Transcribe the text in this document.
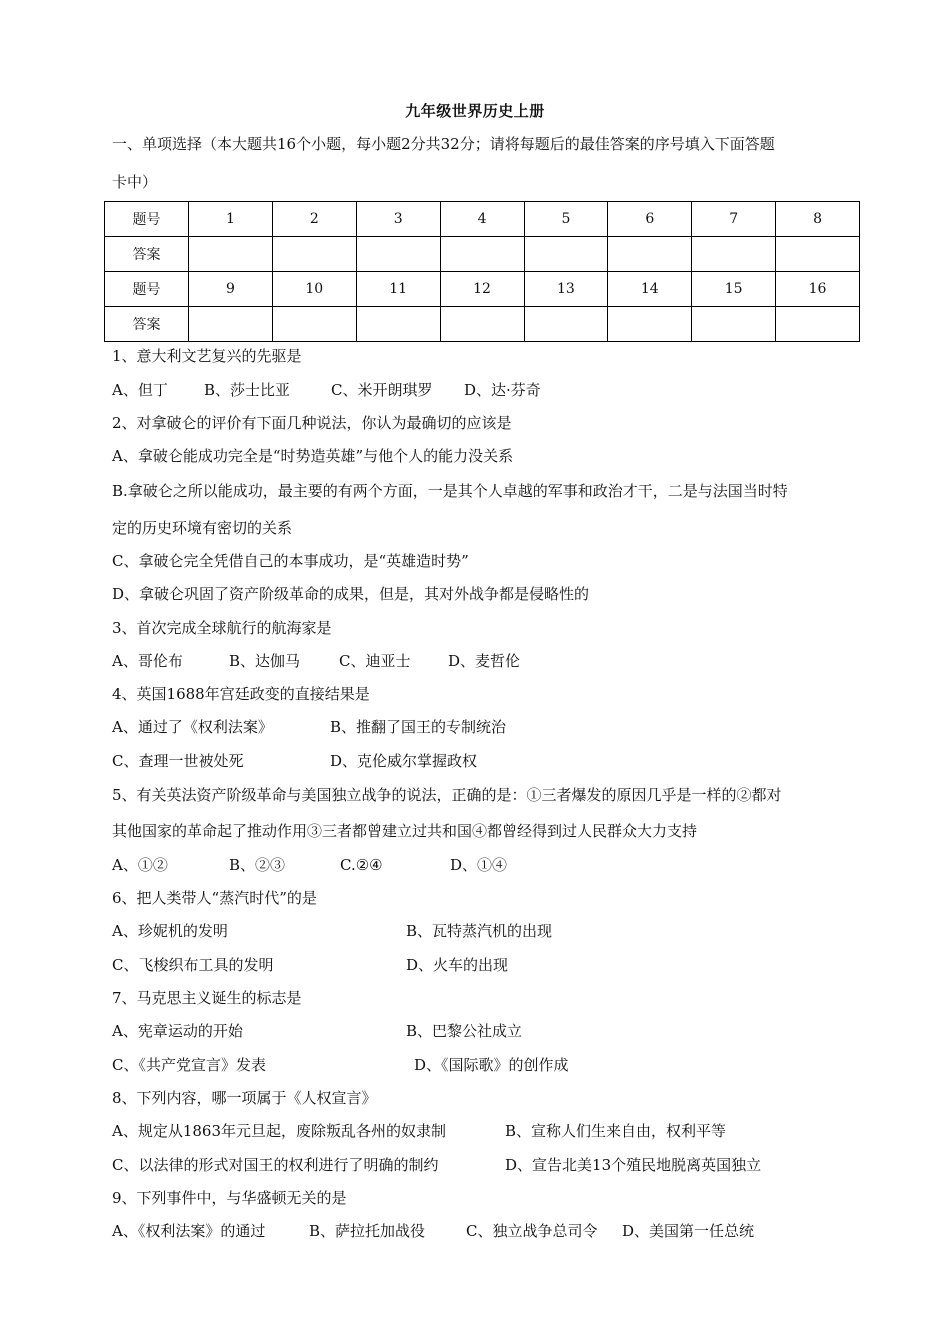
九年级世界历史上册
一、单项选择（本大题共16个小题，每小题2分共32分；请将每题后的最佳答案的序号填入下面答题
卡中）
题号	1	2	3	4	5	6	7	8
答案								
题号	9	10	11	12	13	14	15	16
答案								
1、意大利文艺复兴的先驱是
A、但丁 B、莎士比亚	C、米开朗琪罗 D、达·芬奇
2、对拿破仑的评价有下面几种说法，你认为最确切的应该是
A、拿破仑能成功完全是“时势造英雄”与他个人的能力没关系
B.拿破仑之所以能成功，最主要的有两个方面，一是其个人卓越的军事和政治才干，二是与法国当时特
定的历史环境有密切的关系
C、拿破仑完全凭借自己的本事成功，是“英雄造时势”
D、拿破仑巩固了资产阶级革命的成果，但是，其对外战争都是侵略性的
3、首次完成全球航行的航海家是
A、哥伦布	B、达伽马	C、迪亚士	D、麦哲伦
4、英国1688年宫廷政变的直接结果是
A、通过了《权利法案》	B、推翻了国王的专制统治
C、查理一世被处死	D、克伦威尔掌握政权
5、有关英法资产阶级革命与美国独立战争的说法，正确的是：①三者爆发的原因几乎是一样的②都对
其他国家的革命起了推动作用③三者都曾建立过共和国④都曾经得到过人民群众大力支持
A、①②	B、②③	C.②④	D、①④
6、把人类带人“蒸汽时代”的是
A、珍妮机的发明	B、瓦特蒸汽机的出现
C、飞梭织布工具的发明	D、火车的出现
7、马克思主义诞生的标志是
A、宪章运动的开始	B、巴黎公社成立
C、《共产党宣言》发表	D、《国际歌》的创作成
8、下列内容，哪一项属于《人权宣言》
A、规定从1863年元旦起，废除叛乱各州的奴隶制	B、宣称人们生来自由，权利平等
C、以法律的形式对国王的权利进行了明确的制约	D、宣告北美13个殖民地脱离英国独立
9、下列事件中，与华盛顿无关的是
A、《权利法案》的通过	B、萨拉托加战役	C、独立战争总司令 D、美国第一任总统
